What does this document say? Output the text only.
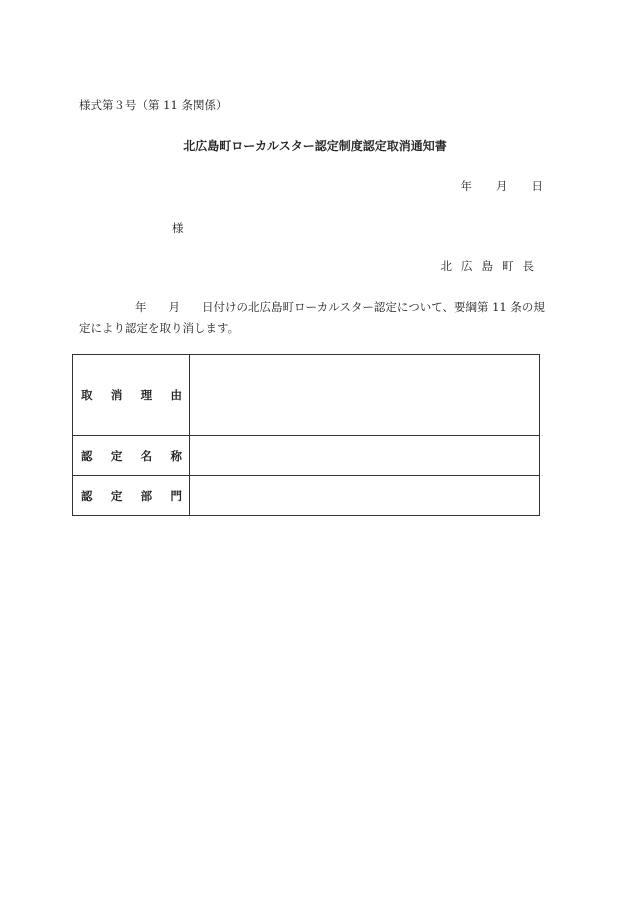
様式第３号（第 11 条関係）
北広島町ローカルスター認定制度認定取消通知書
年 月 日
様
北広島町長
年 月 日付けの北広島町ローカルスター認定について、要綱第 11 条の規定により認定を取り消します。
取 消 理 由	

認 定 名 称	

認 定 部 門	
